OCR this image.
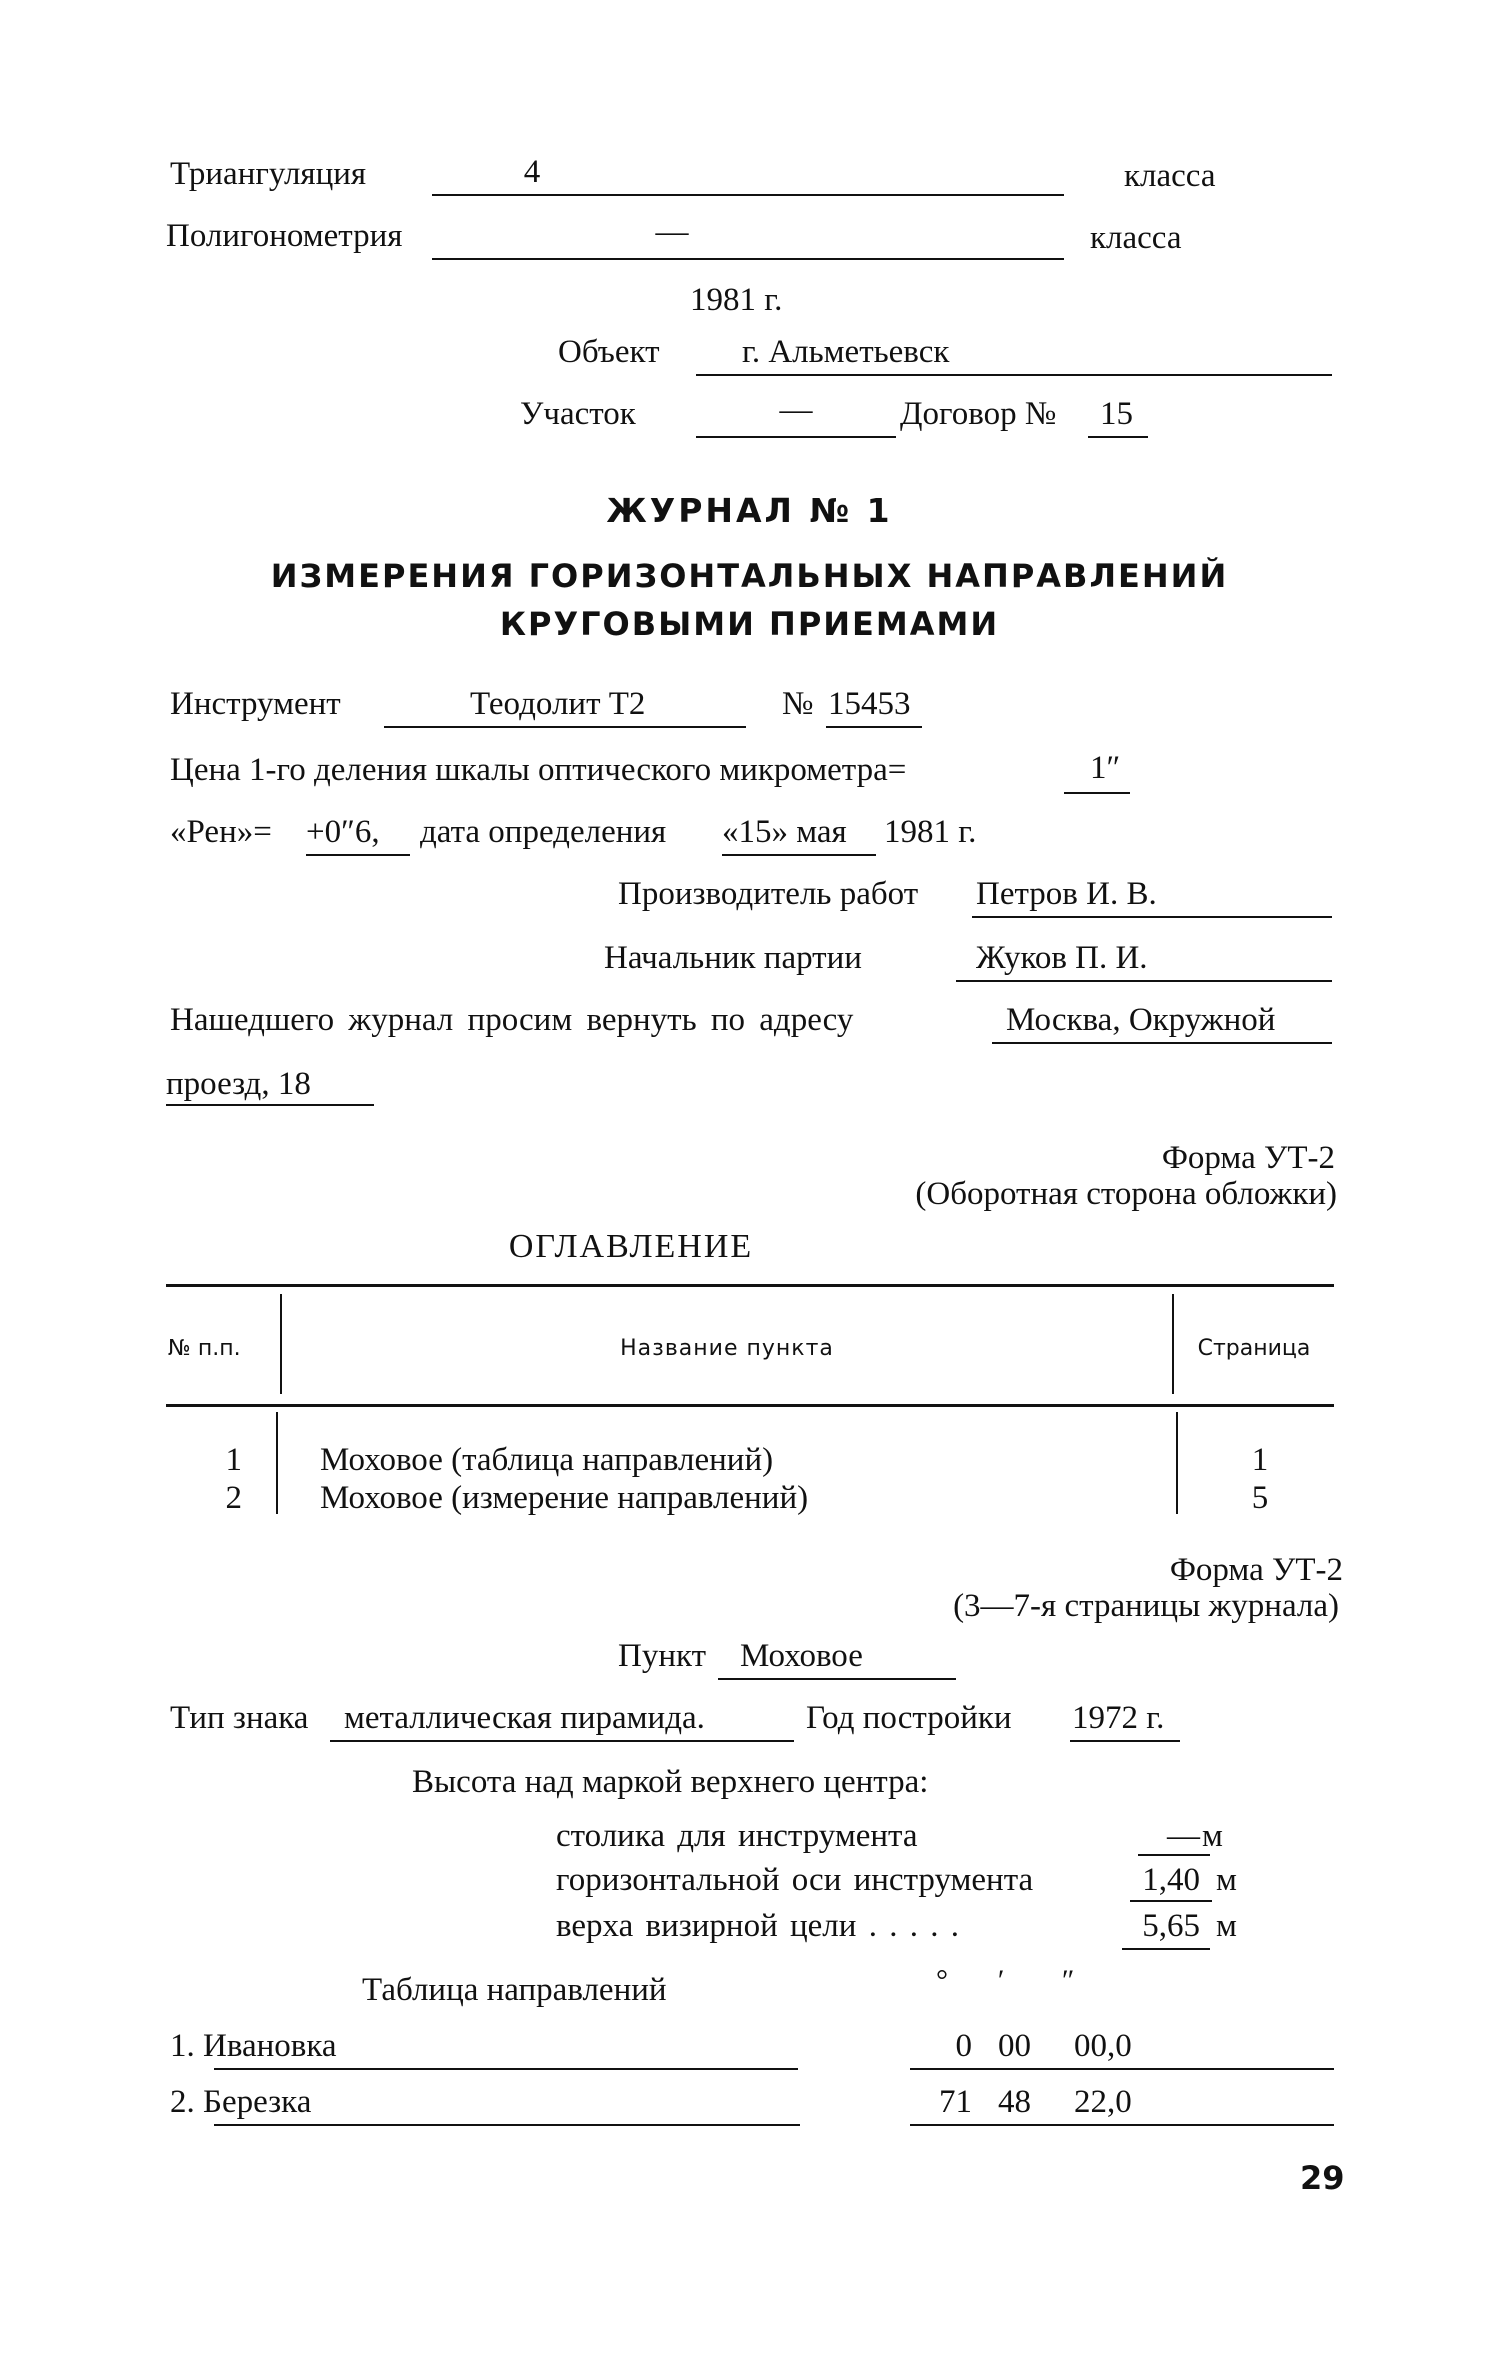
Триангуляция	4	класса
Полигонометрия	—	класса
1981 г.
Объект г. Альметьевск
Участок	—	Договор № 15
ЖУРНАЛ № 1
ИЗМЕРЕНИЯ ГОРИЗОНТАЛЬНЫХ НАПРАВЛЕНИЙ
КРУГОВЫМИ ПРИЕМАМИ
Инструмент	Теодолит Т2	№ 15453
Цена 1-го деления шкалы оптического микрометра=	1″
«Рен»= +0″6, дата определения «15» мая 1981 г.
Производитель работ Петров И. В.
Начальник партии	Жуков П. И.
Нашедшего журнал просим вернуть по адресу	Москва, Окружной
проезд, 18
Форма УТ-2
(Оборотная сторона обложки)
ОГЛАВЛЕНИЕ
№ п.п.	Название пункта	Страница
1 Моховое (таблица направлений)	1
2 Моховое (измерение направлений)	5
Форма УТ-2
(3—7-я страницы журнала)
Пункт Моховое
Тип знака металлическая пирамида.	Год постройки 1972 г.
Высота над маркой верхнего центра:
столика для инструмента	— м
горизонтальной оси инструмента	1,40 м
верха визирной цели . . . . .	5,65 м
Таблица направлений	° ′ ″
1. Ивановка	0 00 00,0
2. Березка	71 48 22,0
29
